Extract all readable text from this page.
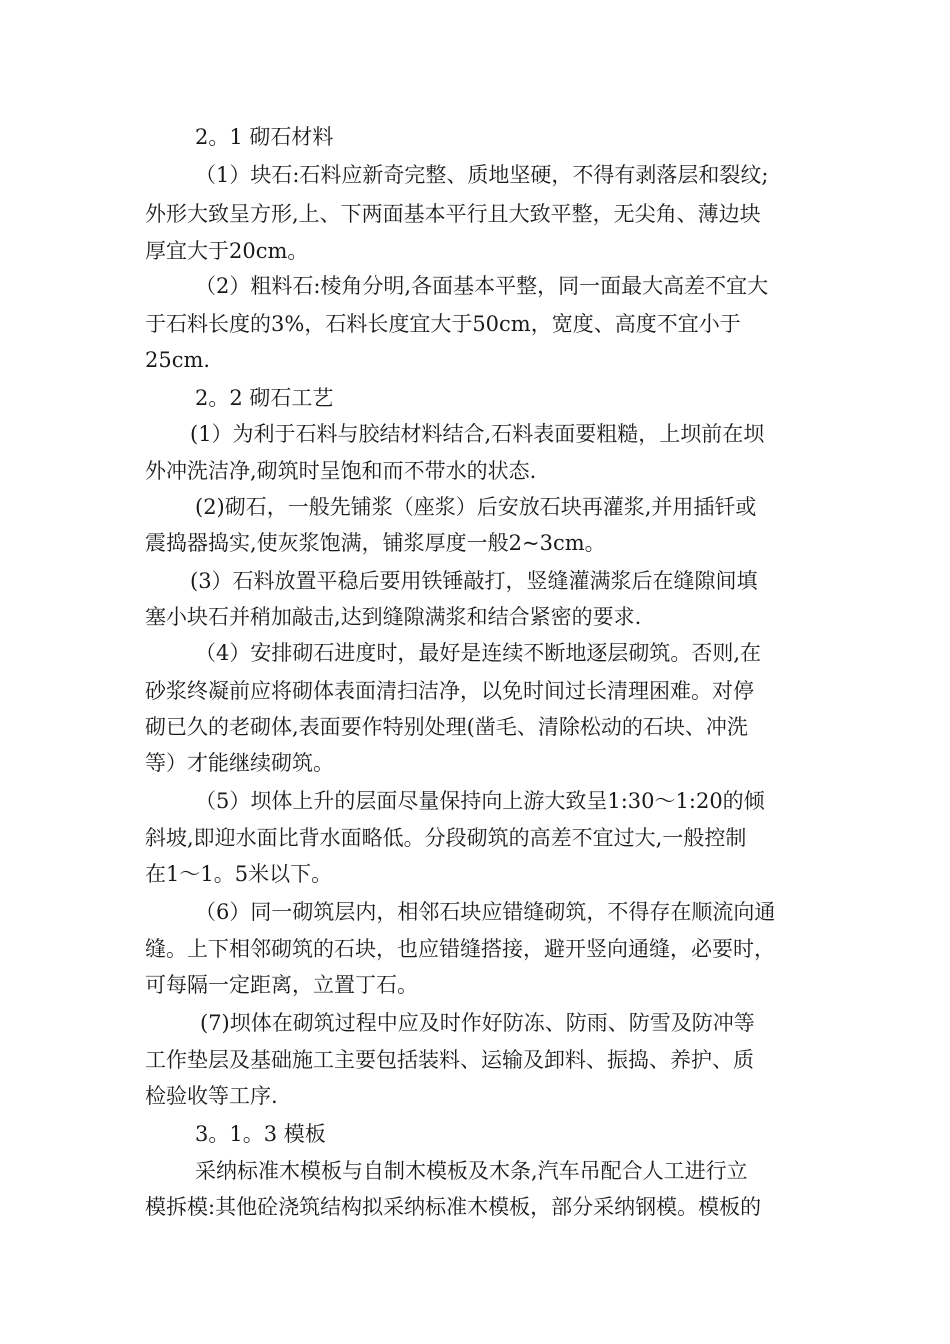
2。1 砌石材料
（1）块石:石料应新奇完整、质地坚硬，不得有剥落层和裂纹;
外形大致呈方形,上、下两面基本平行且大致平整，无尖角、薄边块
厚宜大于20cm。
（2）粗料石:棱角分明,各面基本平整，同一面最大高差不宜大
于石料长度的3%，石料长度宜大于50cm，宽度、高度不宜小于
25cm.
2。2 砌石工艺
(1）为利于石料与胶结材料结合,石料表面要粗糙，上坝前在坝
外冲洗洁净,砌筑时呈饱和而不带水的状态.
(2)砌石，一般先铺浆（座浆）后安放石块再灌浆,并用插钎或
震捣器捣实,使灰浆饱满，铺浆厚度一般2~3cm。
(3）石料放置平稳后要用铁锤敲打，竖缝灌满浆后在缝隙间填
塞小块石并稍加敲击,达到缝隙满浆和结合紧密的要求.
（4）安排砌石进度时，最好是连续不断地逐层砌筑。否则,在
砂浆终凝前应将砌体表面清扫洁净，以免时间过长清理困难。对停
砌已久的老砌体,表面要作特别处理(凿毛、清除松动的石块、冲洗
等）才能继续砌筑。
（5）坝体上升的层面尽量保持向上游大致呈1:30～1:20的倾
斜坡,即迎水面比背水面略低。分段砌筑的高差不宜过大,一般控制
在1～1。5米以下。
（6）同一砌筑层内，相邻石块应错缝砌筑，不得存在顺流向通
缝。上下相邻砌筑的石块，也应错缝搭接，避开竖向通缝，必要时，
可每隔一定距离，立置丁石。
(7)坝体在砌筑过程中应及时作好防冻、防雨、防雪及防冲等
工作垫层及基础施工主要包括装料、运输及卸料、振捣、养护、质
检验收等工序.
3。1。3 模板
采纳标准木模板与自制木模板及木条,汽车吊配合人工进行立
模拆模:其他砼浇筑结构拟采纳标准木模板，部分采纳钢模。模板的
